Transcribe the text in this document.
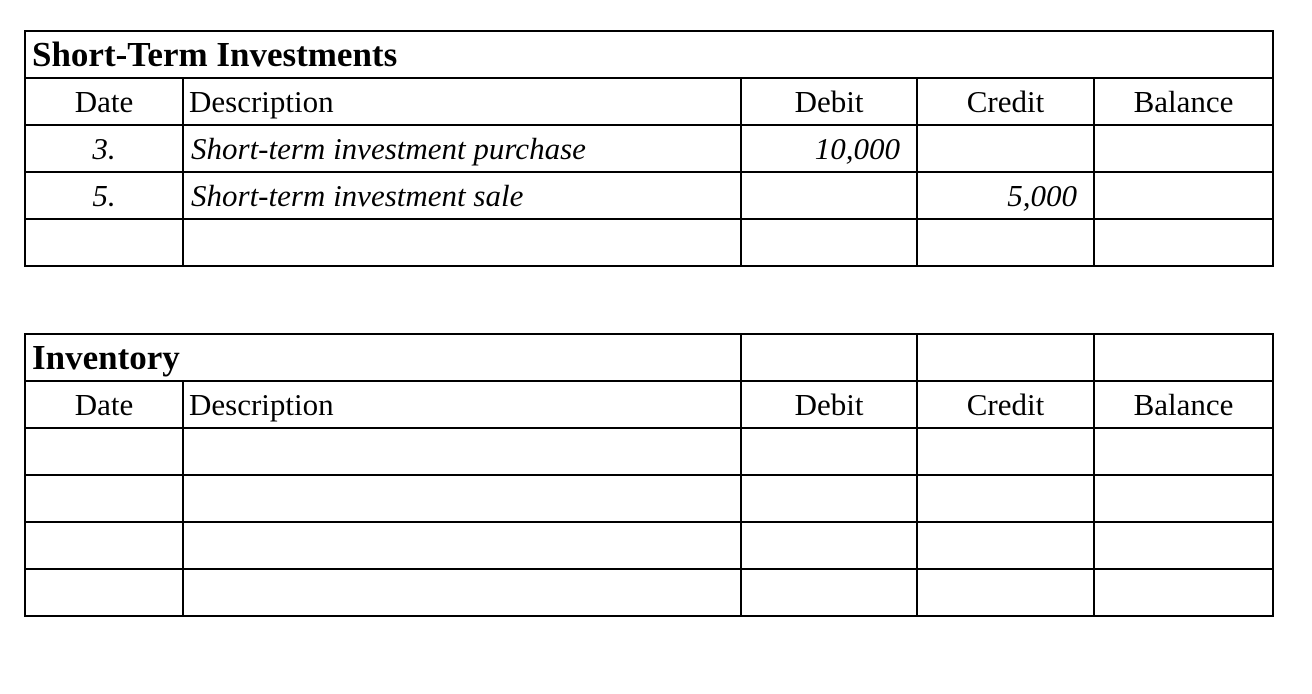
Short-Term Investments				
Date	Description	Debit	Credit	Balance
3.	Short-term investment purchase	10,000		
5.	Short-term investment sale		5,000	

Inventory				
Date	Description	Debit	Credit	Balance
